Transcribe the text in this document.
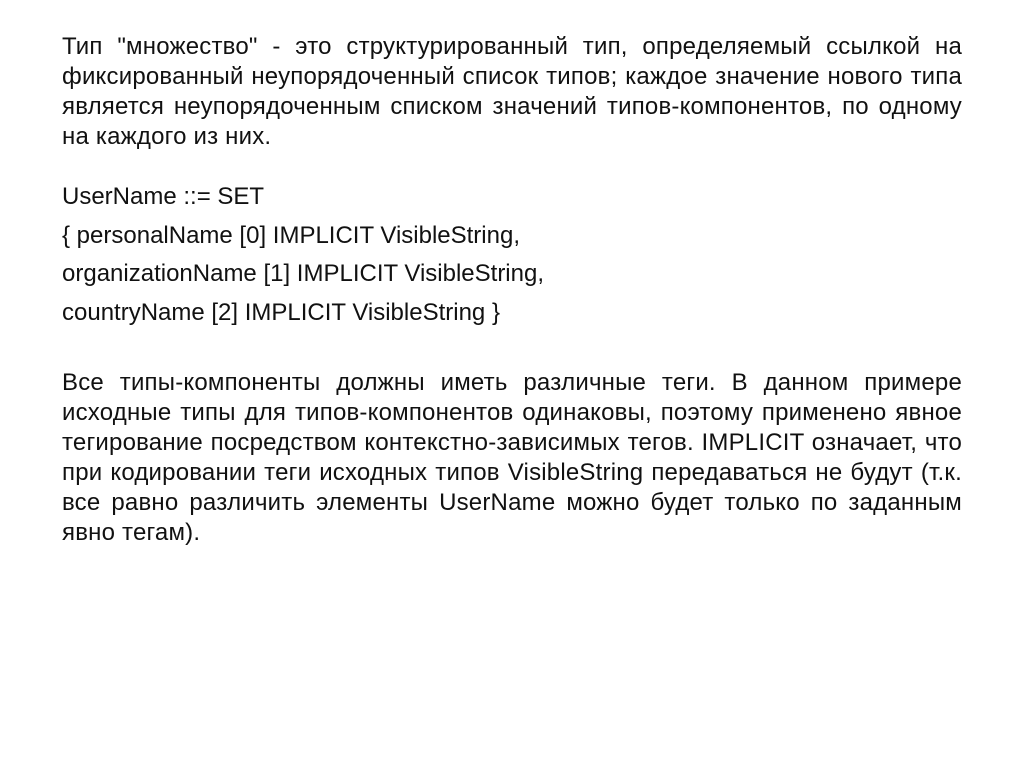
Тип "множество" - это структурированный тип, определяемый ссылкой на фиксированный неупорядоченный список типов; каждое значение нового типа является неупорядоченным списком значений типов-компонентов, по одному на каждого из них.

UserName ::= SET
{ personalName [0] IMPLICIT VisibleString,
organizationName [1] IMPLICIT VisibleString,
countryName [2] IMPLICIT VisibleString }

Все типы-компоненты должны иметь различные теги. В данном примере исходные типы для типов-компонентов одинаковы, поэтому применено явное тегирование посредством контекстно-зависимых тегов. IMPLICIT означает, что при кодировании теги исходных типов VisibleString передаваться не будут (т.к. все равно различить элементы UserName можно будет только по заданным явно тегам).
